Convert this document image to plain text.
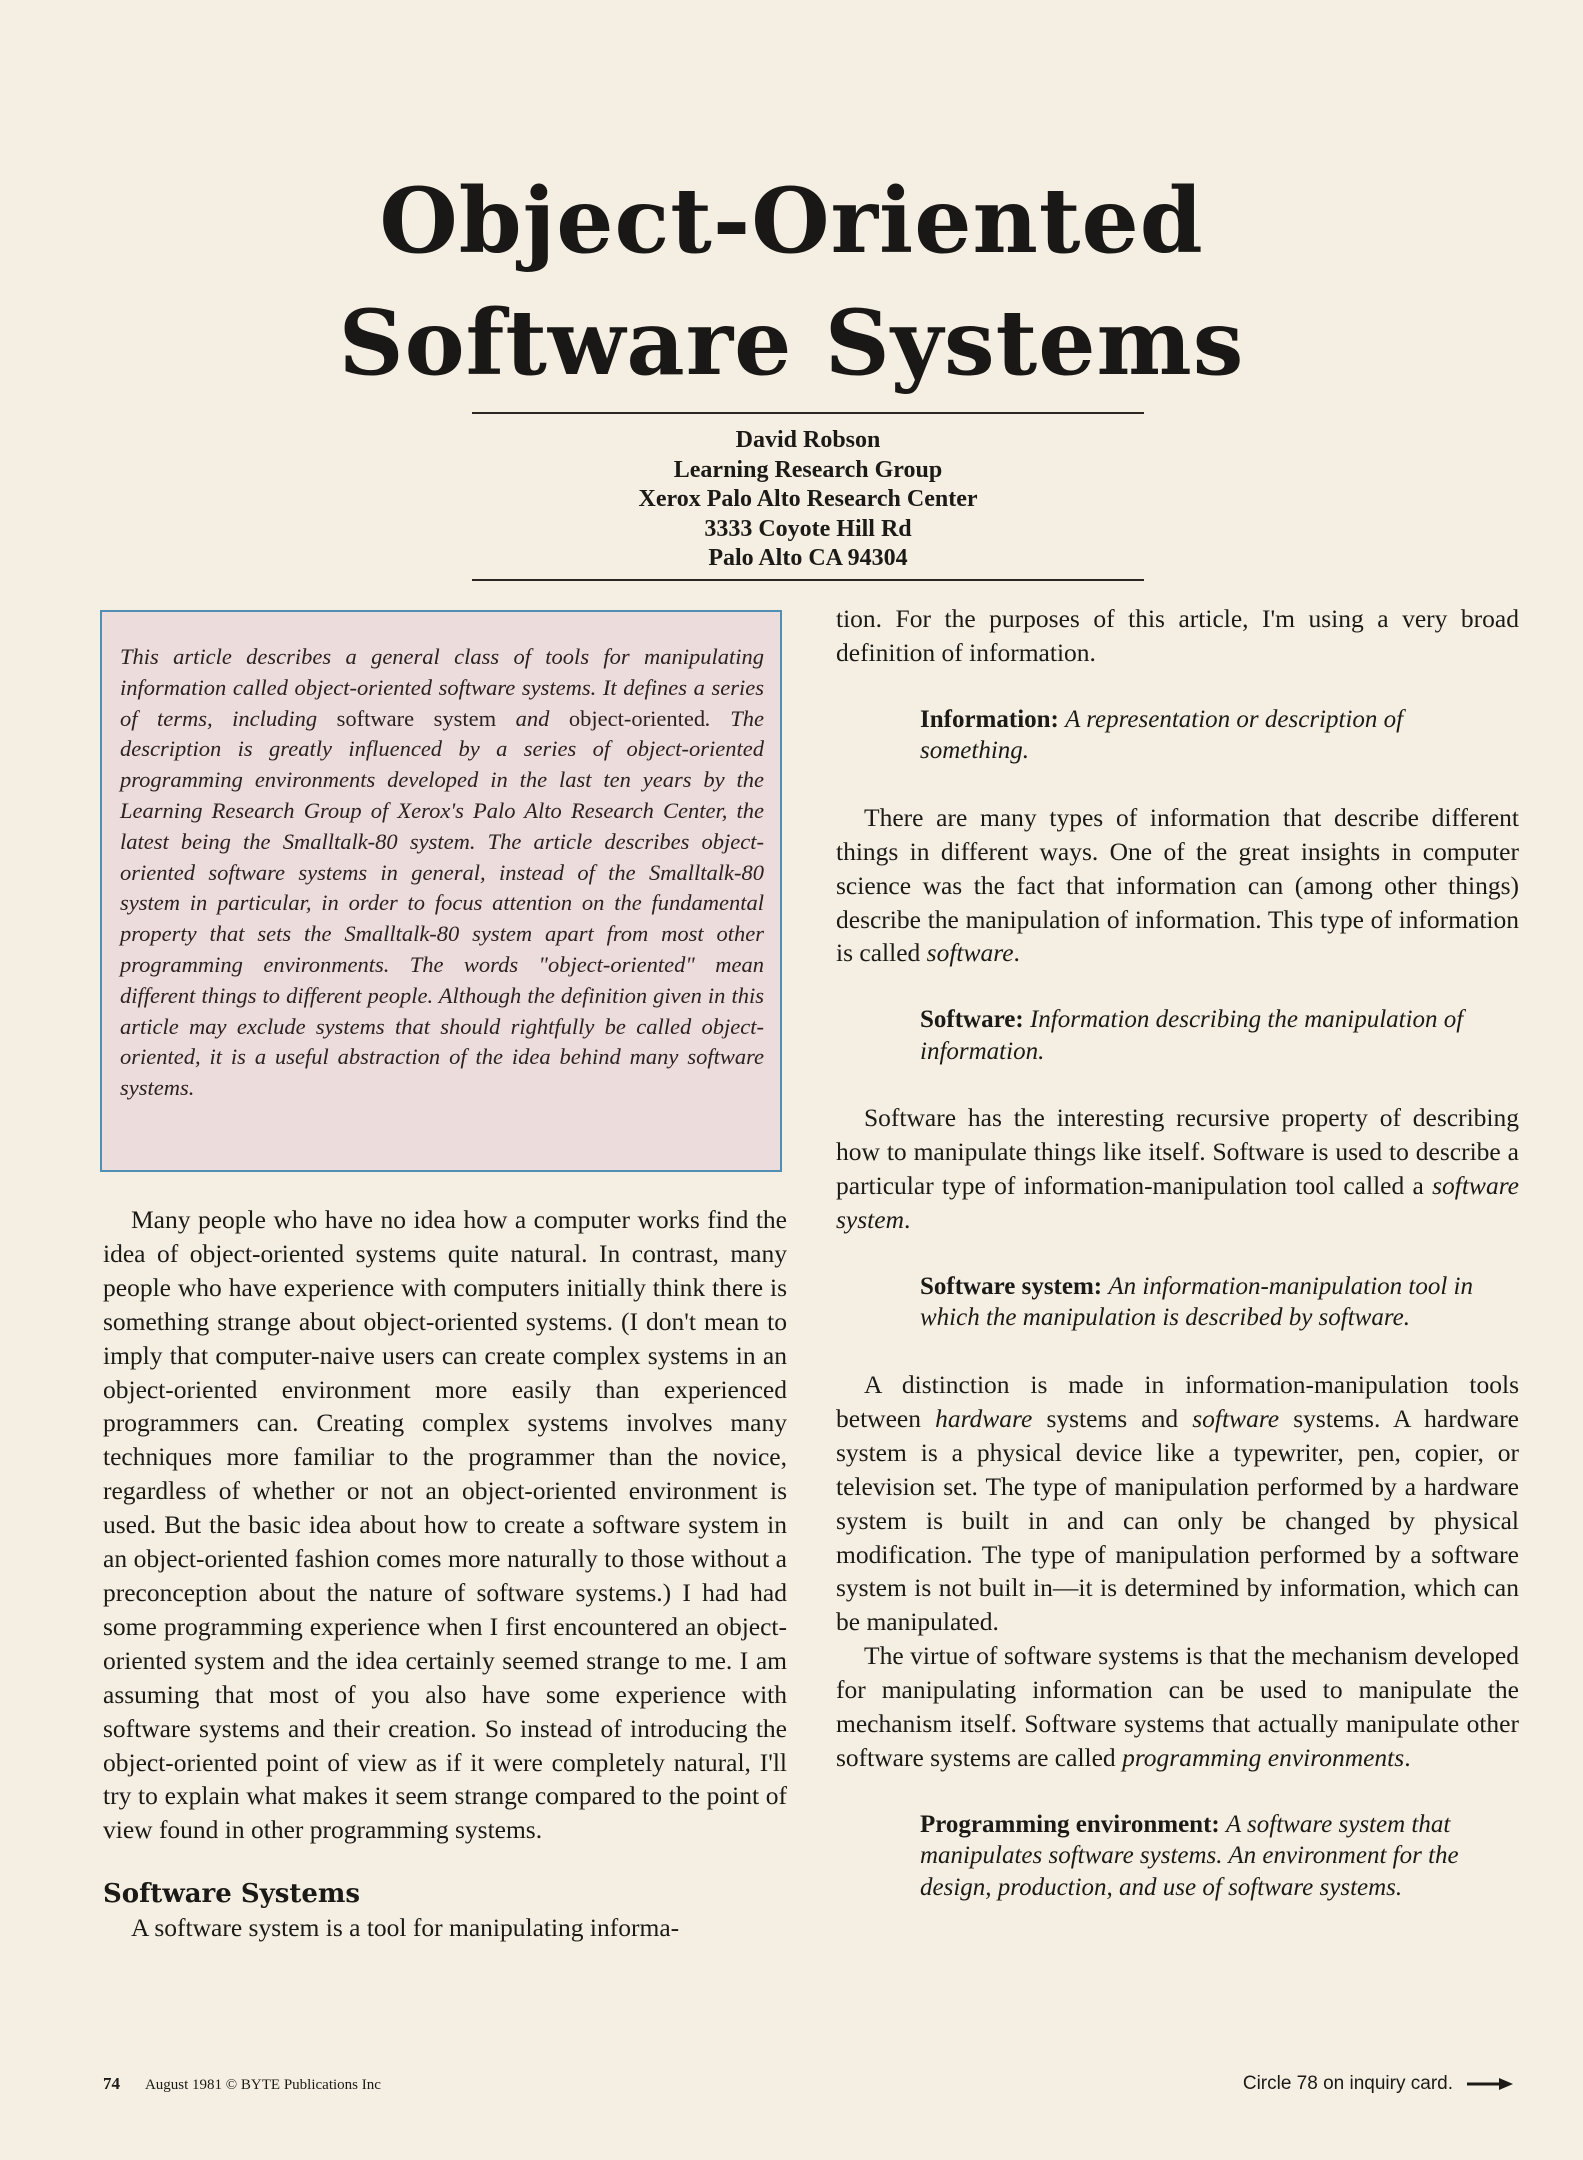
Object-Oriented
Software Systems
David Robson
Learning Research Group
Xerox Palo Alto Research Center
3333 Coyote Hill Rd
Palo Alto CA 94304
This article describes a general class of tools for manipulating information called object-oriented software systems. It defines a series of terms, including software system and object-oriented. The description is greatly influenced by a series of object-oriented programming environments developed in the last ten years by the Learning Research Group of Xerox's Palo Alto Research Center, the latest being the Smalltalk-80 system. The article describes object-oriented software systems in general, instead of the Smalltalk-80 system in particular, in order to focus attention on the fundamental property that sets the Smalltalk-80 system apart from most other programming environments. The words "object-oriented" mean different things to different people. Although the definition given in this article may exclude systems that should rightfully be called object-oriented, it is a useful abstraction of the idea behind many software systems.

Many people who have no idea how a computer works find the idea of object-oriented systems quite natural. In contrast, many people who have experience with computers initially think there is something strange about object-oriented systems. (I don't mean to imply that computer-naive users can create complex systems in an object-oriented environment more easily than experienced programmers can. Creating complex systems involves many techniques more familiar to the programmer than the novice, regardless of whether or not an object-oriented environment is used. But the basic idea about how to create a software system in an object-oriented fashion comes more naturally to those without a preconception about the nature of software systems.) I had had some programming experience when I first encountered an object-oriented system and the idea certainly seemed strange to me. I am assuming that most of you also have some experience with software systems and their creation. So instead of introducing the object-oriented point of view as if it were completely natural, I'll try to explain what makes it seem strange compared to the point of view found in other programming systems.

Software Systems

A software system is a tool for manipulating informa-

tion. For the purposes of this article, I'm using a very broad definition of information.

Information: A representation or description of something.

There are many types of information that describe different things in different ways. One of the great insights in computer science was the fact that information can (among other things) describe the manipulation of information. This type of information is called software.

Software: Information describing the manipulation of information.

Software has the interesting recursive property of describing how to manipulate things like itself. Software is used to describe a particular type of information-manipulation tool called a software system.

Software system: An information-manipulation tool in which the manipulation is described by software.

A distinction is made in information-manipulation tools between hardware systems and software systems. A hardware system is a physical device like a typewriter, pen, copier, or television set. The type of manipulation performed by a hardware system is built in and can only be changed by physical modification. The type of manipulation performed by a software system is not built in—it is determined by information, which can be manipulated.

The virtue of software systems is that the mechanism developed for manipulating information can be used to manipulate the mechanism itself. Software systems that actually manipulate other software systems are called programming environments.

Programming environment: A software system that manipulates software systems. An environment for the design, production, and use of software systems.
74 August 1981 © BYTE Publications Inc	Circle 78 on inquiry card.
